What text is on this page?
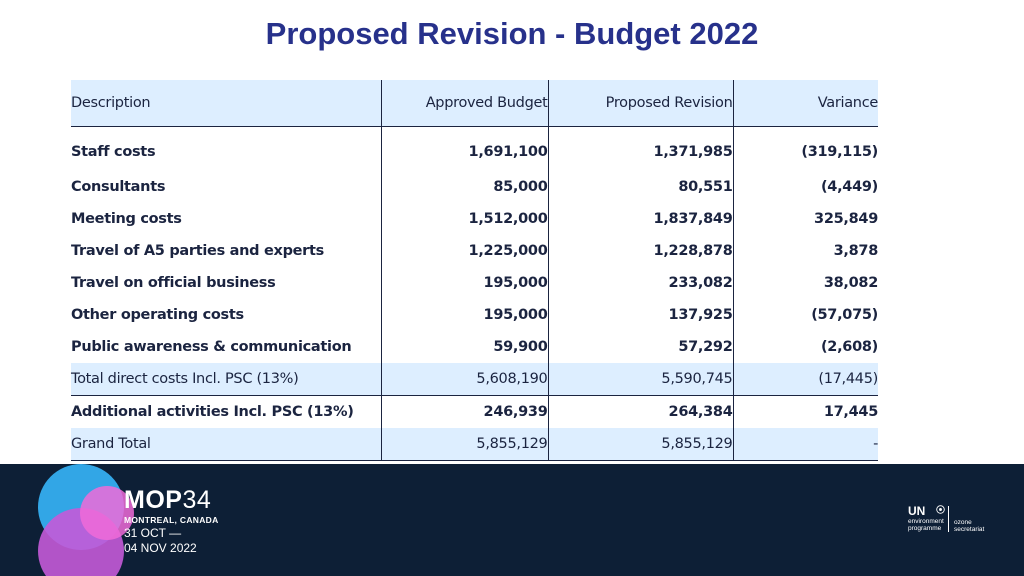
Proposed Revision - Budget 2022
Description	Approved Budget	Proposed Revision	Variance
Staff costs	1,691,100	1,371,985	(319,115)
Consultants	85,000	80,551	(4,449)
Meeting costs	1,512,000	1,837,849	325,849
Travel of A5 parties and experts	1,225,000	1,228,878	3,878
Travel on official business	195,000	233,082	38,082
Other operating costs	195,000	137,925	(57,075)
Public awareness & communication	59,900	57,292	(2,608)
Total direct costs Incl. PSC (13%)	5,608,190	5,590,745	(17,445)
Additional activities Incl. PSC (13%)	246,939	264,384	17,445
Grand Total	5,855,129	5,855,129	-
MOP34
MONTREAL, CANADA
31 OCT —
04 NOV 2022
UN
environment
programme
ozone
secretariat
